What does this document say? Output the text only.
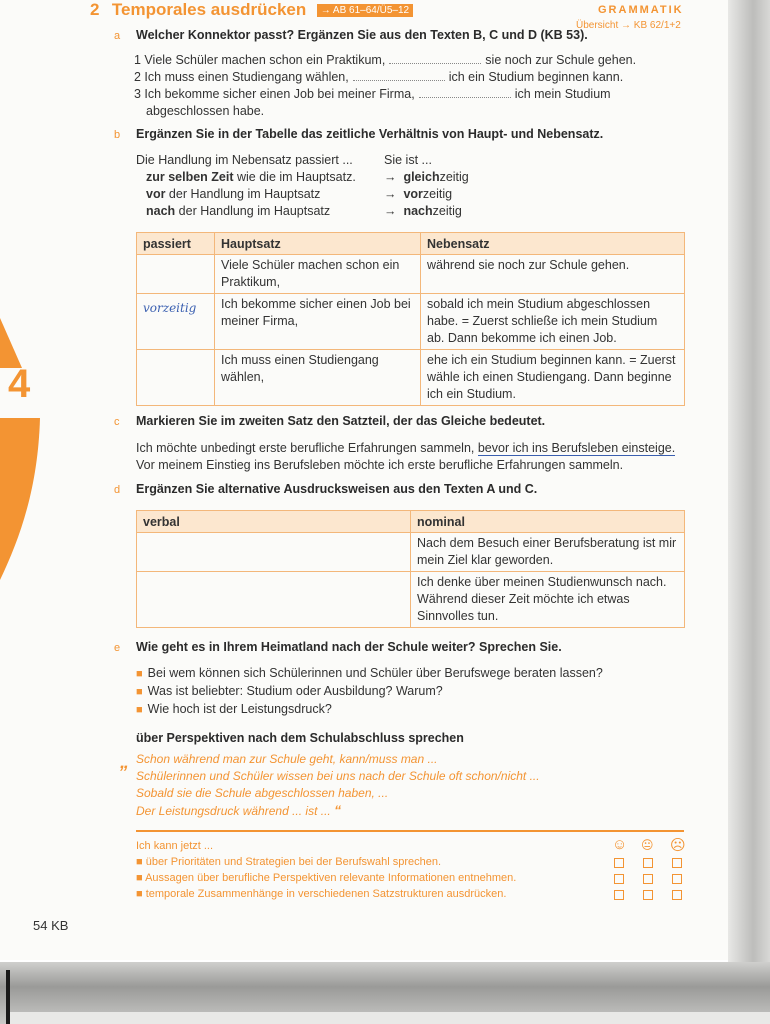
4
2 Temporales ausdrücken → AB 61–64/Ü5–12	GRAMMATIK
Übersicht → KB 62/1+2
a Welcher Konnektor passt? Ergänzen Sie aus den Texten B, C und D (KB 53).
1 Viele Schüler machen schon ein Praktikum,	sie noch zur Schule gehen.
2 Ich muss einen Studiengang wählen,	ich ein Studium beginnen kann.
3 Ich bekomme sicher einen Job bei meiner Firma,	ich mein Studium
abgeschlossen habe.
b Ergänzen Sie in der Tabelle das zeitliche Verhältnis von Haupt- und Nebensatz.
Die Handlung im Nebensatz passiert ...
zur selben Zeit wie die im Hauptsatz.
vor der Handlung im Hauptsatz
nach der Handlung im Hauptsatz
Sie ist ...
→ gleichzeitig
→ vorzeitig
→ nachzeitig
passiert	Hauptsatz	Nebensatz
	Viele Schüler machen schon ein Praktikum,	während sie noch zur Schule gehen.
vorzeitig	Ich bekomme sicher einen Job bei meiner Firma,	sobald ich mein Studium abgeschlossen habe. = Zuerst schließe ich mein Studium ab. Dann bekomme ich einen Job.
	Ich muss einen Studiengang wählen,	ehe ich ein Studium beginnen kann. = Zuerst wähle ich einen Studiengang. Dann beginne ich ein Studium.
c Markieren Sie im zweiten Satz den Satzteil, der das Gleiche bedeutet.
Ich möchte unbedingt erste berufliche Erfahrungen sammeln, bevor ich ins Berufsleben einsteige.
Vor meinem Einstieg ins Berufsleben möchte ich erste berufliche Erfahrungen sammeln.
d Ergänzen Sie alternative Ausdrucksweisen aus den Texten A und C.
verbal	nominal
	Nach dem Besuch einer Berufsberatung ist mir mein Ziel klar geworden.
	Ich denke über meinen Studienwunsch nach. Während dieser Zeit möchte ich etwas Sinnvolles tun.
e Wie geht es in Ihrem Heimatland nach der Schule weiter? Sprechen Sie.
■ Bei wem können sich Schülerinnen und Schüler über Berufswege beraten lassen?
■ Was ist beliebter: Studium oder Ausbildung? Warum?
■ Wie hoch ist der Leistungsdruck?
über Perspektiven nach dem Schulabschluss sprechen
„ Schon während man zur Schule geht, kann/muss man ...
Schülerinnen und Schüler wissen bei uns nach der Schule oft schon/nicht ...
Sobald sie die Schule abgeschlossen haben, ...
Der Leistungsdruck während ... ist ... “
Ich kann jetzt ...
■ über Prioritäten und Strategien bei der Berufswahl sprechen.
■ Aussagen über berufliche Perspektiven relevante Informationen entnehmen.
■ temporale Zusammenhänge in verschiedenen Satzstrukturen ausdrücken.
☺ 😐 ☹
54 KB
